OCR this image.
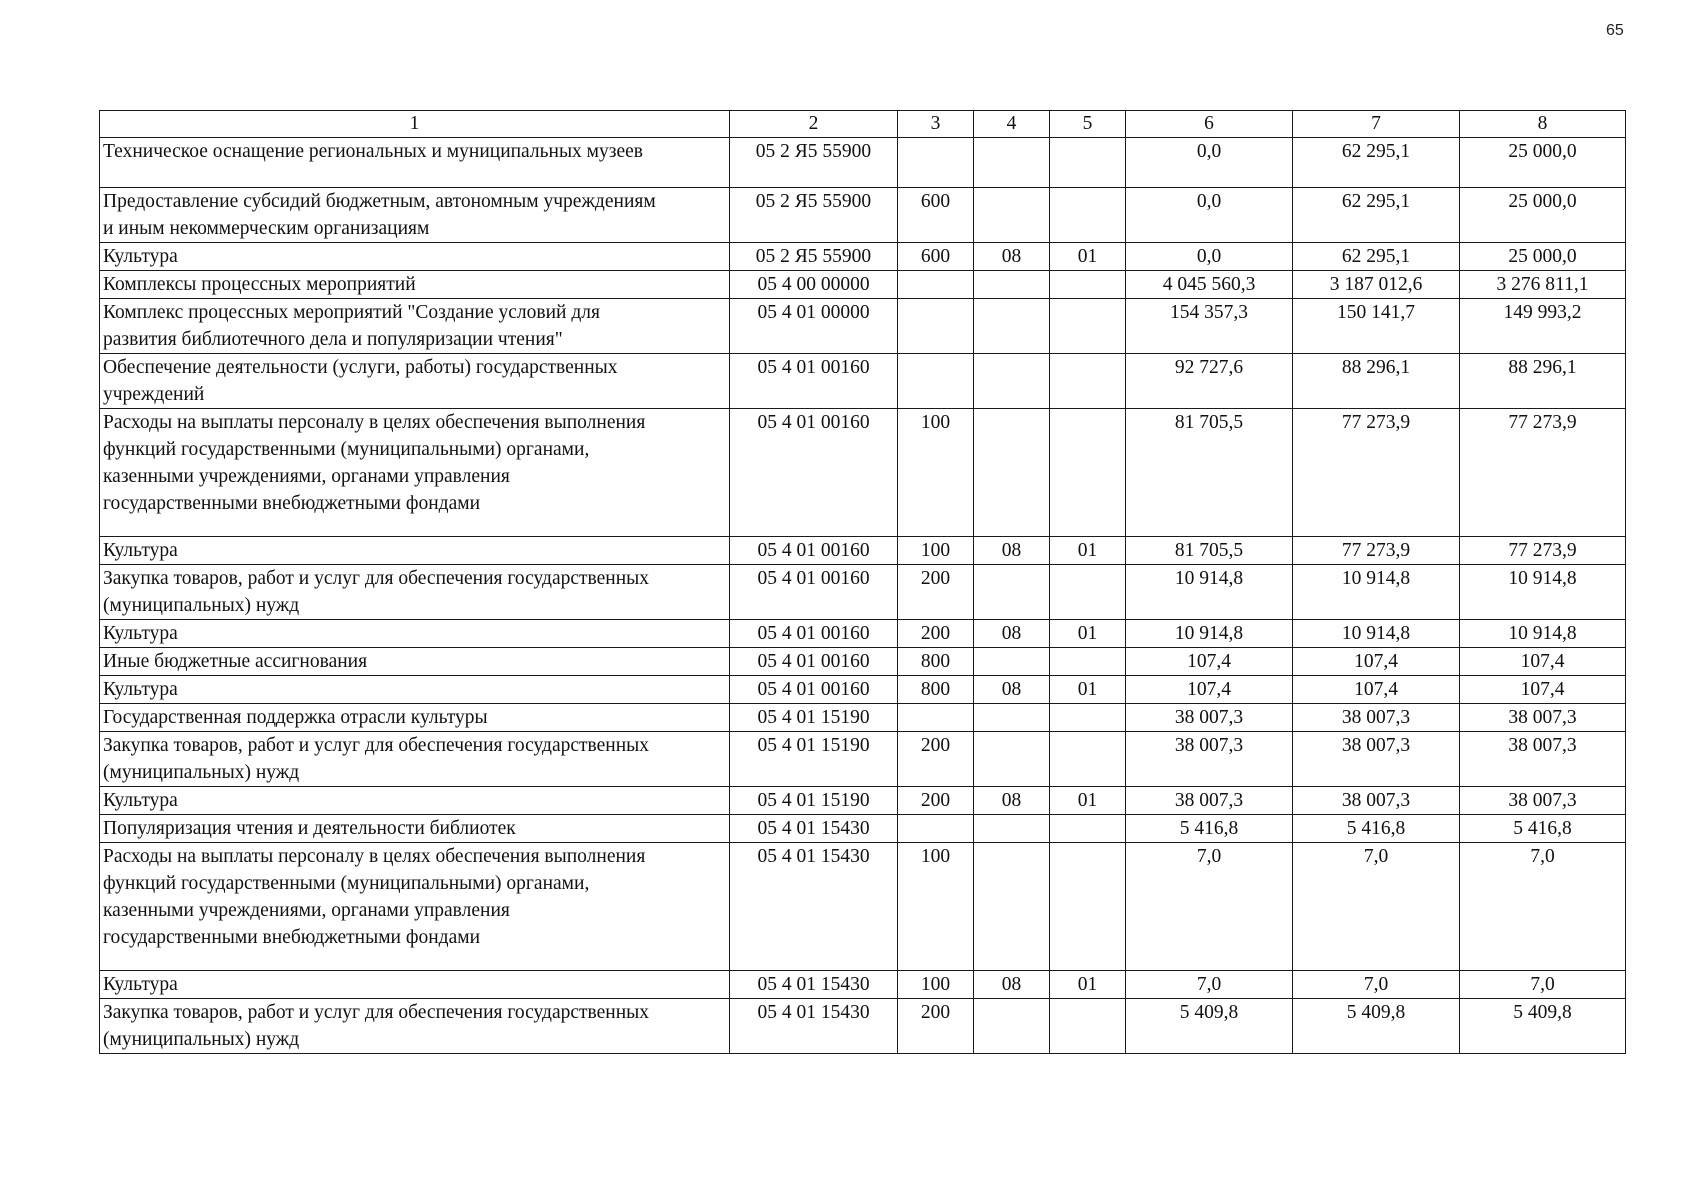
65
1	2	3	4	5	6	7	8
Техническое оснащение региональных и муниципальных музеев	05 2 Я5 55900				0,0	62 295,1	25 000,0
Предоставление субсидий бюджетным, автономным учреждениям
и иным некоммерческим организациям	05 2 Я5 55900	600			0,0	62 295,1	25 000,0
Культура	05 2 Я5 55900	600	08	01	0,0	62 295,1	25 000,0
Комплексы процессных мероприятий	05 4 00 00000				4 045 560,3	3 187 012,6	3 276 811,1
Комплекс процессных мероприятий "Создание условий для
развития библиотечного дела и популяризации чтения"	05 4 01 00000				154 357,3	150 141,7	149 993,2
Обеспечение деятельности (услуги, работы) государственных
учреждений	05 4 01 00160				92 727,6	88 296,1	88 296,1
Расходы на выплаты персоналу в целях обеспечения выполнения
функций государственными (муниципальными) органами,
казенными учреждениями, органами управления
государственными внебюджетными фондами	05 4 01 00160	100			81 705,5	77 273,9	77 273,9
Культура	05 4 01 00160	100	08	01	81 705,5	77 273,9	77 273,9
Закупка товаров, работ и услуг для обеспечения государственных
(муниципальных) нужд	05 4 01 00160	200			10 914,8	10 914,8	10 914,8
Культура	05 4 01 00160	200	08	01	10 914,8	10 914,8	10 914,8
Иные бюджетные ассигнования	05 4 01 00160	800			107,4	107,4	107,4
Культура	05 4 01 00160	800	08	01	107,4	107,4	107,4
Государственная поддержка отрасли культуры	05 4 01 15190				38 007,3	38 007,3	38 007,3
Закупка товаров, работ и услуг для обеспечения государственных
(муниципальных) нужд	05 4 01 15190	200			38 007,3	38 007,3	38 007,3
Культура	05 4 01 15190	200	08	01	38 007,3	38 007,3	38 007,3
Популяризация чтения и деятельности библиотек	05 4 01 15430				5 416,8	5 416,8	5 416,8
Расходы на выплаты персоналу в целях обеспечения выполнения
функций государственными (муниципальными) органами,
казенными учреждениями, органами управления
государственными внебюджетными фондами	05 4 01 15430	100			7,0	7,0	7,0
Культура	05 4 01 15430	100	08	01	7,0	7,0	7,0
Закупка товаров, работ и услуг для обеспечения государственных
(муниципальных) нужд	05 4 01 15430	200			5 409,8	5 409,8	5 409,8
